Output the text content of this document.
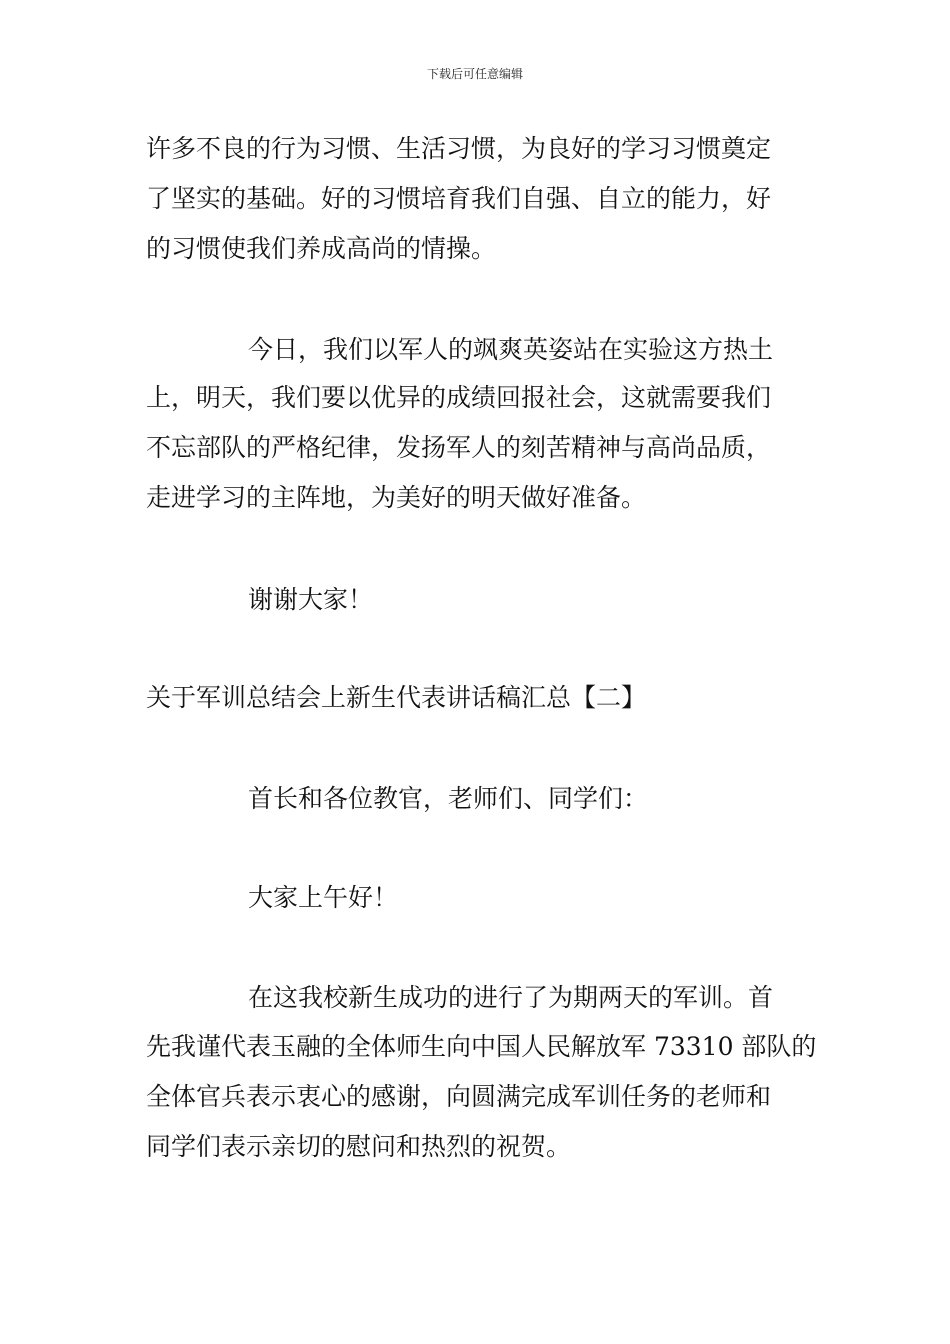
下载后可任意编辑

许多不良的行为习惯、生活习惯，为良好的学习习惯奠定

了坚实的基础。好的习惯培育我们自强、自立的能力，好

的习惯使我们养成高尚的情操。

今日，我们以军人的飒爽英姿站在实验这方热土

上，明天，我们要以优异的成绩回报社会，这就需要我们

不忘部队的严格纪律，发扬军人的刻苦精神与高尚品质，

走进学习的主阵地，为美好的明天做好准备。

谢谢大家！

关于军训总结会上新生代表讲话稿汇总【二】

首长和各位教官，老师们、同学们：

大家上午好！

在这我校新生成功的进行了为期两天的军训。首

先我谨代表玉融的全体师生向中国人民解放军 73310 部队的

全体官兵表示衷心的感谢，向圆满完成军训任务的老师和

同学们表示亲切的慰问和热烈的祝贺。
